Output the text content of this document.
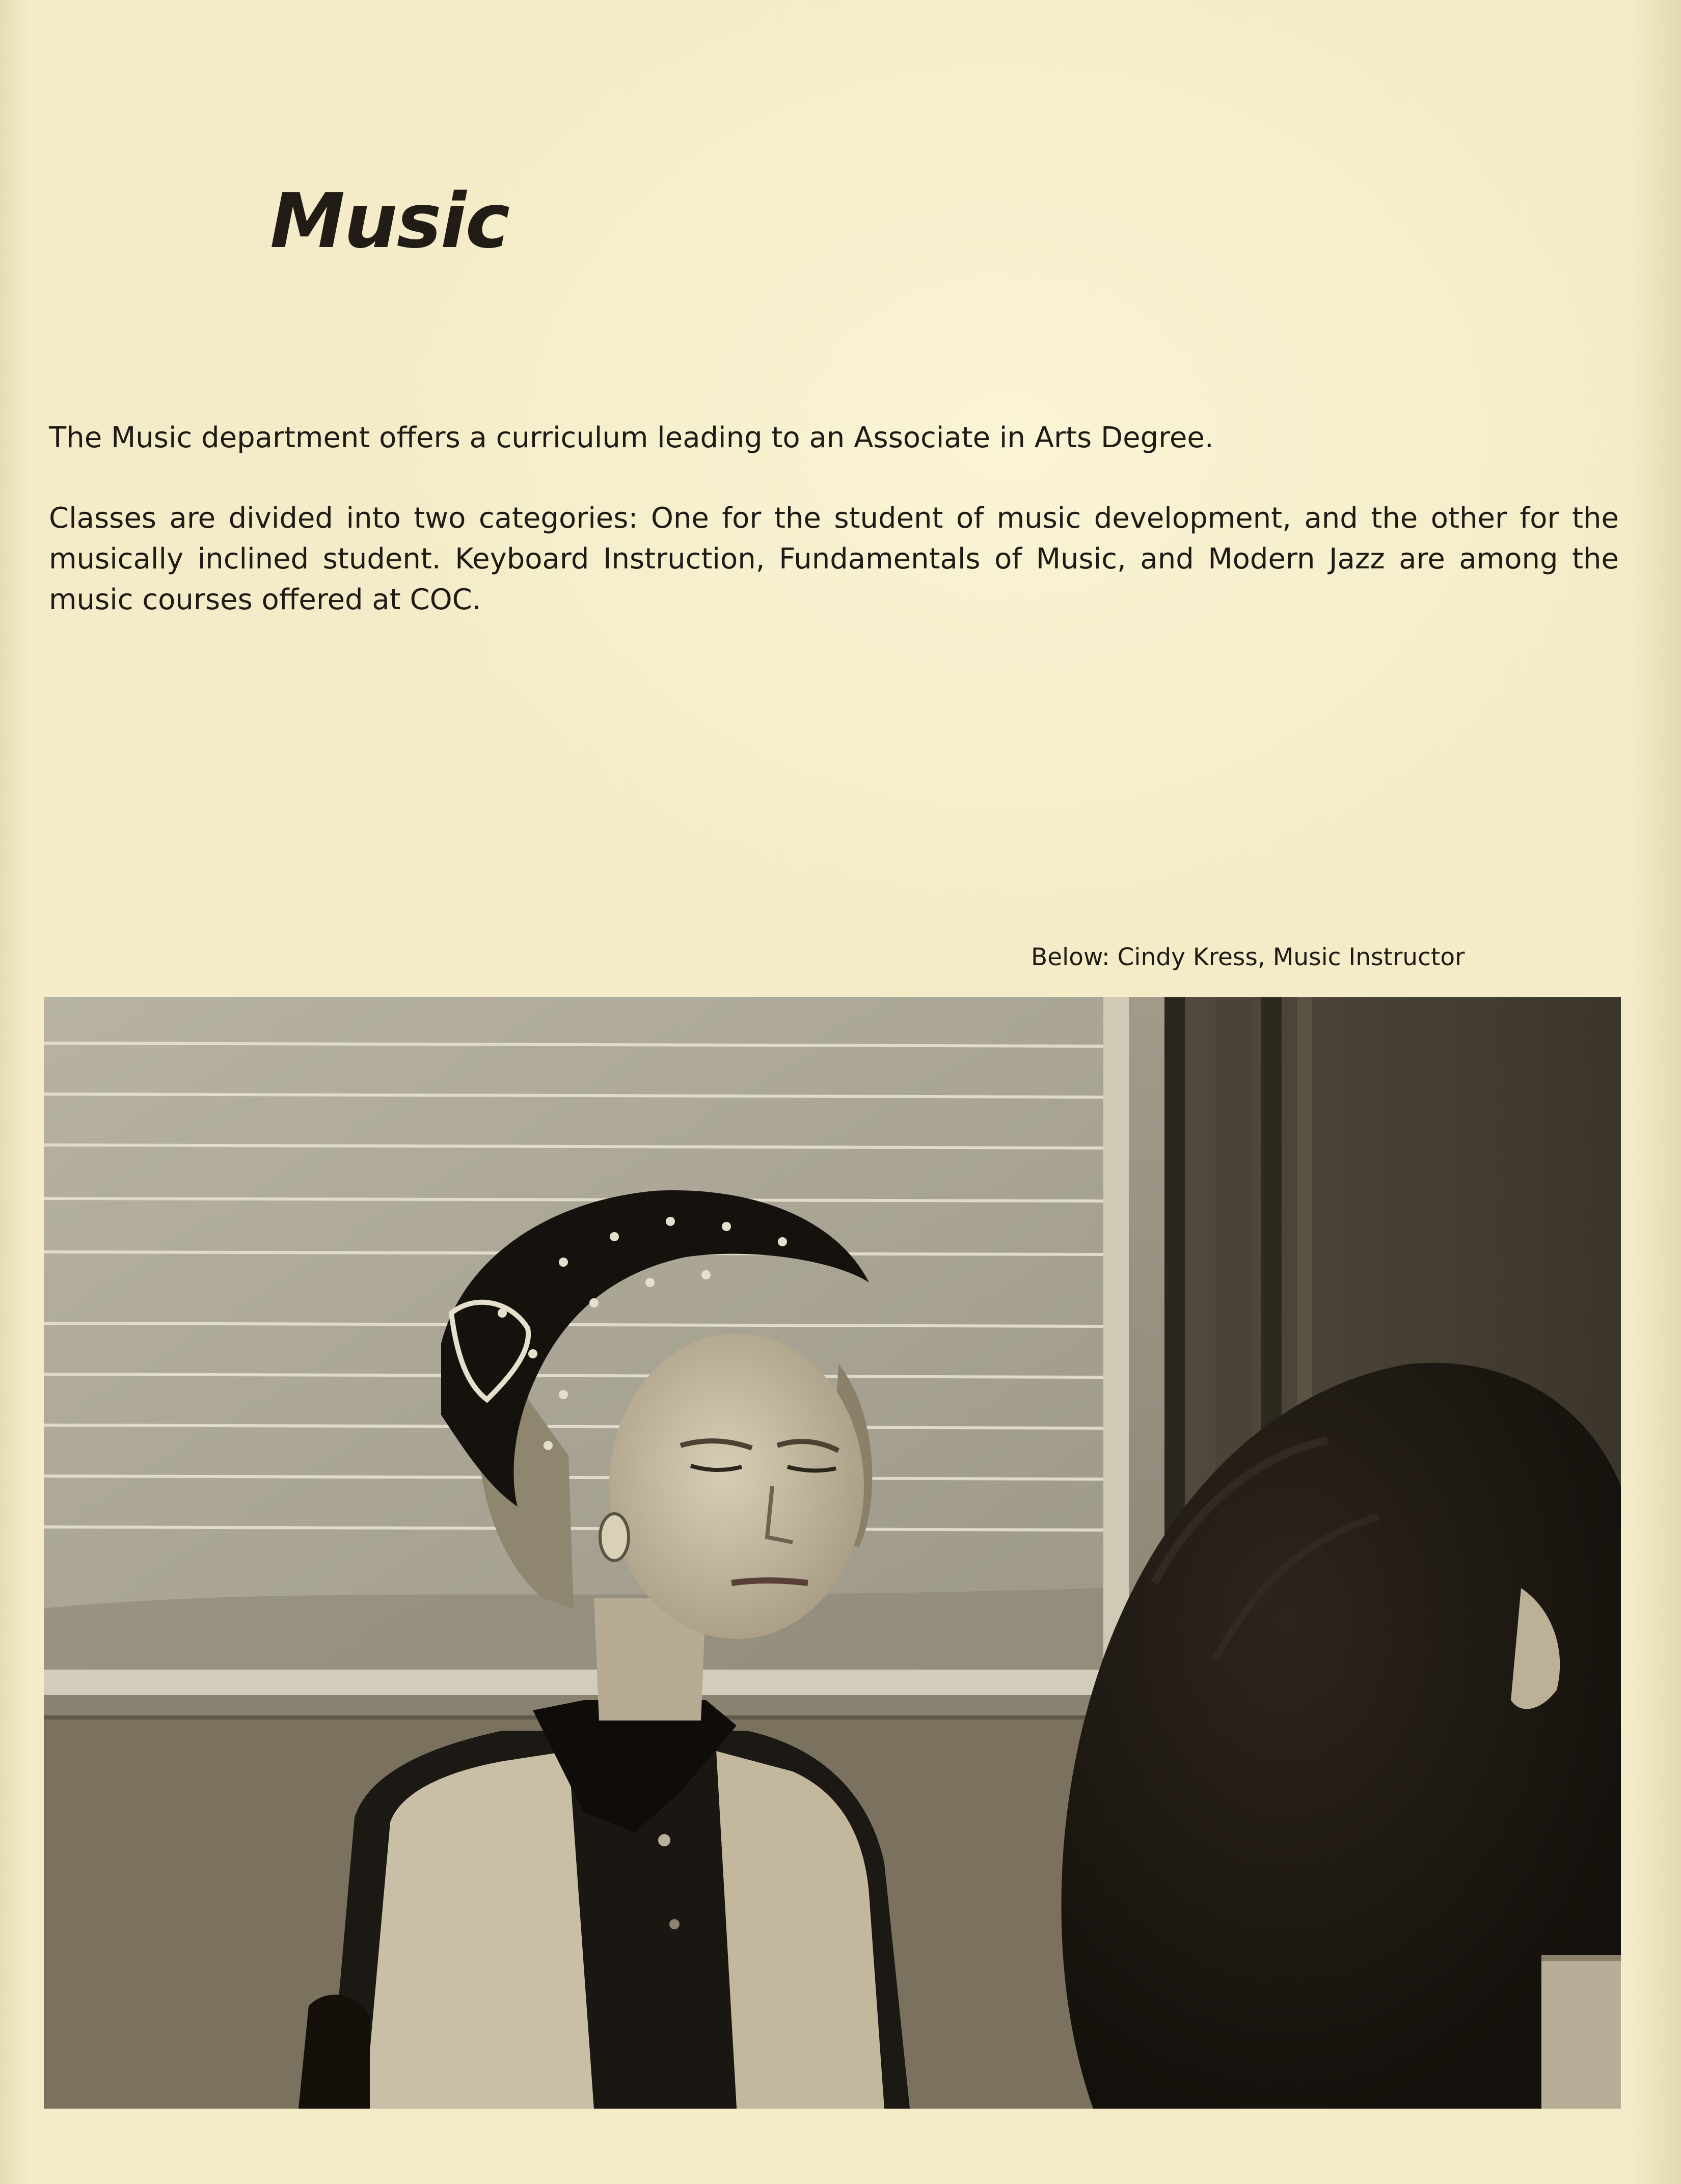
Music

The Music department offers a curriculum leading to an Associate in Arts Degree.

Classes are divided into two categories: One for the student of music development, and the other for the musically inclined student. Keyboard Instruction, Fundamentals of Music, and Modern Jazz are among the music courses offered at COC.

Below: Cindy Kress, Music Instructor
